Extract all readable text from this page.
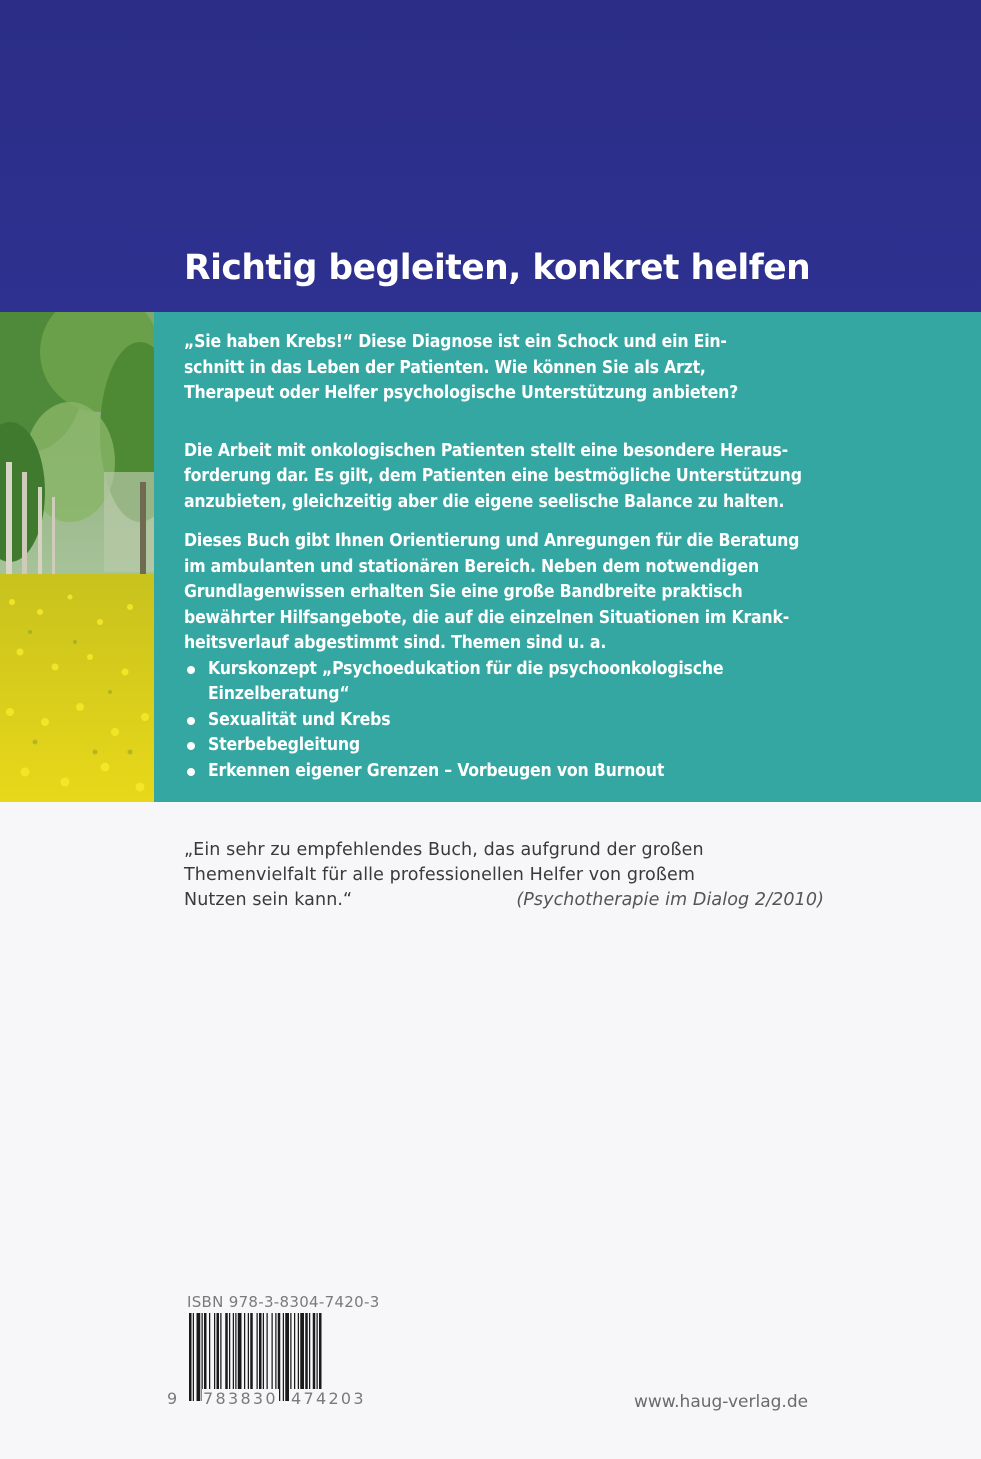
Richtig begleiten, konkret helfen

„Sie haben Krebs!“ Diese Diagnose ist ein Schock und ein Ein-

schnitt in das Leben der Patienten. Wie können Sie als Arzt,

Therapeut oder Helfer psychologische Unterstützung anbieten?

Die Arbeit mit onkologischen Patienten stellt eine besondere Heraus-

forderung dar. Es gilt, dem Patienten eine bestmögliche Unterstützung

anzubieten, gleichzeitig aber die eigene seelische Balance zu halten.

Dieses Buch gibt Ihnen Orientierung und Anregungen für die Beratung

im ambulanten und stationären Bereich. Neben dem notwendigen

Grundlagenwissen erhalten Sie eine große Bandbreite praktisch

bewährter Hilfsangebote, die auf die einzelnen Situationen im Krank-

heitsverlauf abgestimmt sind. Themen sind u. a.

Kurskonzept „Psychoedukation für die psychoonkologische
Einzelberatung“
Sexualität und Krebs
Sterbebegleitung
Erkennen eigener Grenzen – Vorbeugen von Burnout

„Ein sehr zu empfehlendes Buch, das aufgrund der großen

Themenvielfalt für alle professionellen Helfer von großem

Nutzen sein kann.“	(Psychotherapie im Dialog 2/2010)
ISBN 978-3-8304-7420-3
9 783830 474203	www.haug-verlag.de
